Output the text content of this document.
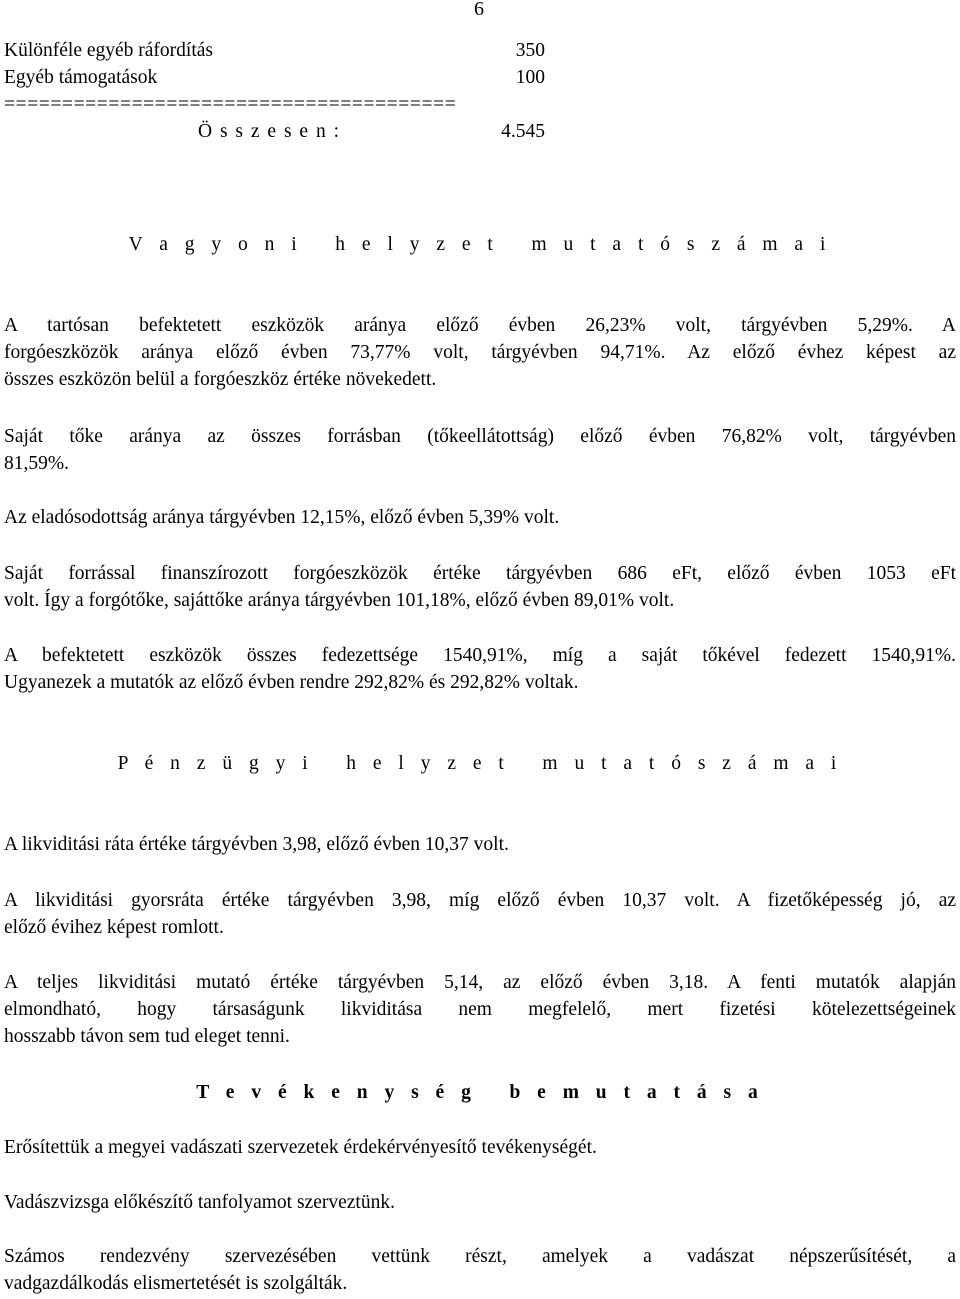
6
Különféle egyéb ráfordítás	350
Egyéb támogatások	100
=======================================
Ö s s z e s e n :	4.545
V a g y o n i   h e l y z e t   m u t a t ó s z á m a i
A tartósan befektetett eszközök aránya előző évben 26,23% volt, tárgyévben 5,29%. A
forgóeszközök aránya előző évben 73,77% volt, tárgyévben 94,71%. Az előző évhez képest az
összes eszközön belül a forgóeszköz értéke növekedett.
Saját tőke aránya az összes forrásban (tőkeellátottság) előző évben 76,82% volt, tárgyévben
81,59%.
Az eladósodottság aránya tárgyévben 12,15%, előző évben 5,39% volt.
Saját forrással finanszírozott forgóeszközök értéke tárgyévben 686 eFt, előző évben 1053 eFt
volt. Így a forgótőke, sajáttőke aránya tárgyévben 101,18%, előző évben 89,01% volt.
A befektetett eszközök összes fedezettsége 1540,91%, míg a saját tőkével fedezett 1540,91%.
Ugyanezek a mutatók az előző évben rendre 292,82% és 292,82% voltak.
P é n z ü g y i   h e l y z e t   m u t a t ó s z á m a i
A likviditási ráta értéke tárgyévben 3,98, előző évben 10,37 volt.
A likviditási gyorsráta értéke tárgyévben 3,98, míg előző évben 10,37 volt. A fizetőképesség jó, az
előző évihez képest romlott.
A teljes likviditási mutató értéke tárgyévben 5,14, az előző évben 3,18. A fenti mutatók alapján
elmondható, hogy társaságunk likviditása nem megfelelő, mert fizetési kötelezettségeinek
hosszabb távon sem tud eleget tenni.
T e v é k e n y s é g   b e m u t a t á s a
Erősítettük a megyei vadászati szervezetek érdekérvényesítő tevékenységét.
Vadászvizsga előkészítő tanfolyamot szerveztünk.
Számos rendezvény szervezésében vettünk részt, amelyek a vadászat népszerűsítését, a
vadgazdálkodás elismertetését is szolgálták.
